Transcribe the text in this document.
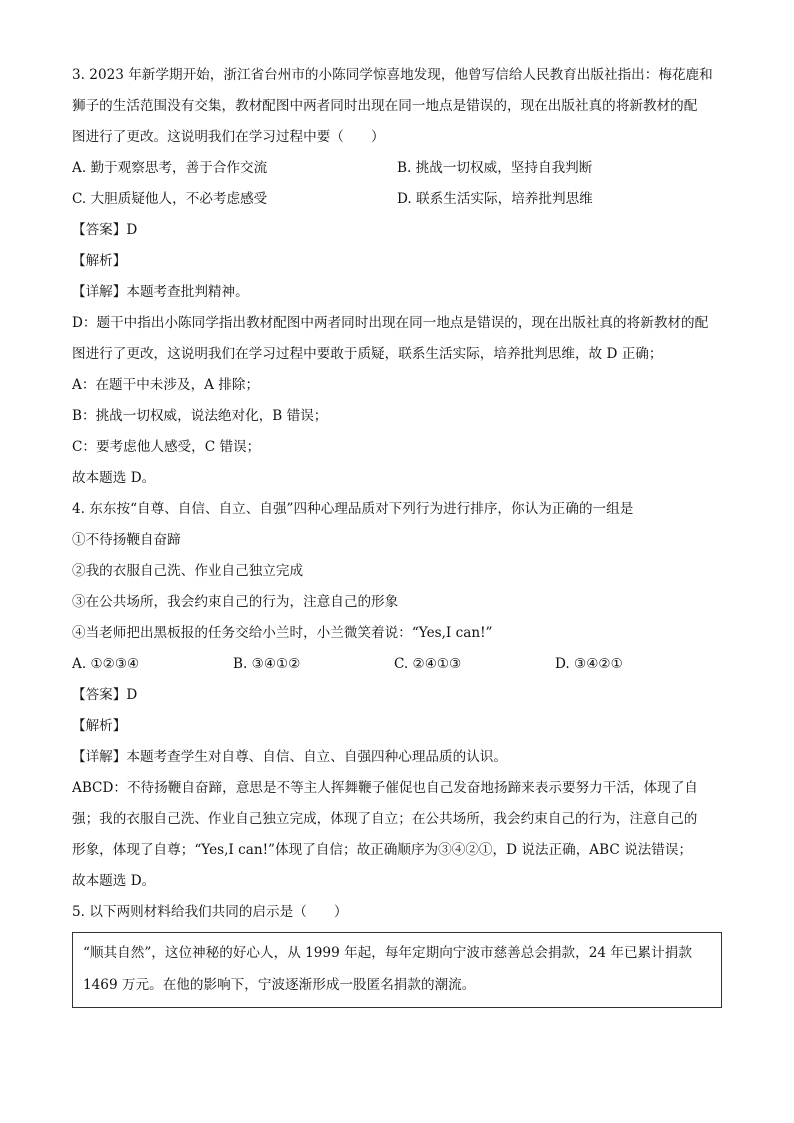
3. 2023 年新学期开始，浙江省台州市的小陈同学惊喜地发现，他曾写信给人民教育出版社指出：梅花鹿和
狮子的生活范围没有交集，教材配图中两者同时出现在同一地点是错误的，现在出版社真的将新教材的配
图进行了更改。这说明我们在学习过程中要（　　）
A. 勤于观察思考，善于合作交流	B. 挑战一切权威，坚持自我判断
C. 大胆质疑他人，不必考虑感受	D. 联系生活实际，培养批判思维
【答案】D
【解析】
【详解】本题考查批判精神。
D：题干中指出小陈同学指出教材配图中两者同时出现在同一地点是错误的，现在出版社真的将新教材的配
图进行了更改，这说明我们在学习过程中要敢于质疑，联系生活实际，培养批判思维，故 D 正确；
A：在题干中未涉及，A 排除；
B：挑战一切权威，说法绝对化，B 错误；
C：要考虑他人感受，C 错误；
故本题选 D。
4. 东东按“自尊、自信、自立、自强”四种心理品质对下列行为进行排序，你认为正确的一组是
①不待扬鞭自奋蹄
②我的衣服自己洗、作业自己独立完成
③在公共场所，我会约束自己的行为，注意自己的形象
④当老师把出黑板报的任务交给小兰时，小兰微笑着说：“Yes,I can!”
A. ①②③④	B. ③④①②	C. ②④①③	D. ③④②①
【答案】D
【解析】
【详解】本题考查学生对自尊、自信、自立、自强四种心理品质的认识。
ABCD：不待扬鞭自奋蹄，意思是不等主人挥舞鞭子催促也自己发奋地扬蹄来表示要努力干活，体现了自
强；我的衣服自己洗、作业自己独立完成，体现了自立；在公共场所，我会约束自己的行为，注意自己的
形象，体现了自尊；“Yes,I can!”体现了自信；故正确顺序为③④②①，D 说法正确，ABC 说法错误；
故本题选 D。
5. 以下两则材料给我们共同的启示是（　　）
“顺其自然”，这位神秘的好心人，从 1999 年起，每年定期向宁波市慈善总会捐款，24 年已累计捐款
1469 万元。在他的影响下，宁波逐渐形成一股匿名捐款的潮流。
